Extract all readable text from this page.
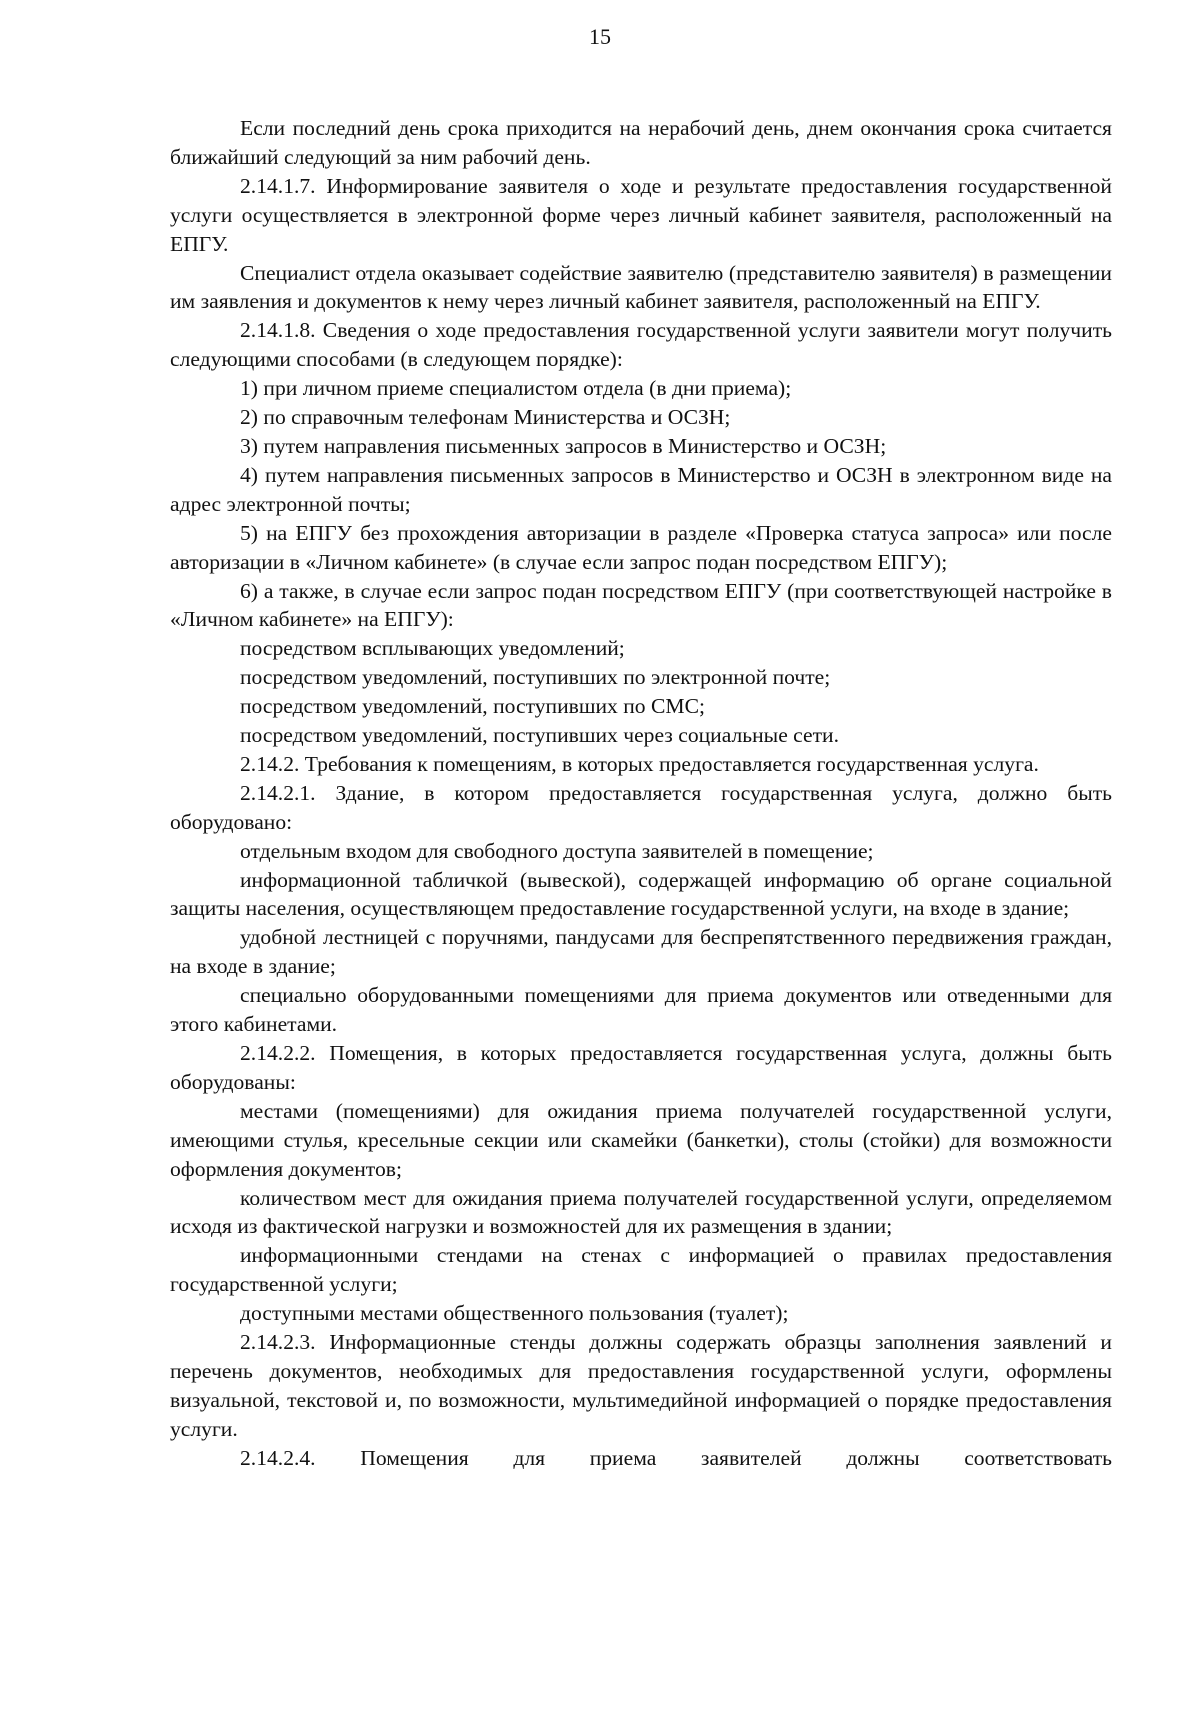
15

Если последний день срока приходится на нерабочий день, днем окончания срока считается ближайший следующий за ним рабочий день.

2.14.1.7. Информирование заявителя о ходе и результате предоставления государственной услуги осуществляется в электронной форме через личный кабинет заявителя, расположенный на ЕПГУ.

Специалист отдела оказывает содействие заявителю (представителю заявителя) в размещении им заявления и документов к нему через личный кабинет заявителя, расположенный на ЕПГУ.

2.14.1.8. Сведения о ходе предоставления государственной услуги заявители могут получить следующими способами (в следующем порядке):

1) при личном приеме специалистом отдела (в дни приема);

2) по справочным телефонам Министерства и ОСЗН;

3) путем направления письменных запросов в Министерство и ОСЗН;

4) путем направления письменных запросов в Министерство и ОСЗН в электронном виде на адрес электронной почты;

5) на ЕПГУ без прохождения авторизации в разделе «Проверка статуса запроса» или после авторизации в «Личном кабинете» (в случае если запрос подан посредством ЕПГУ);

6) а также, в случае если запрос подан посредством ЕПГУ (при соответствующей настройке в «Личном кабинете» на ЕПГУ):

посредством всплывающих уведомлений;

посредством уведомлений, поступивших по электронной почте;

посредством уведомлений, поступивших по СМС;

посредством уведомлений, поступивших через социальные сети.

2.14.2. Требования к помещениям, в которых предоставляется государственная услуга.

2.14.2.1. Здание, в котором предоставляется государственная услуга, должно быть оборудовано:

отдельным входом для свободного доступа заявителей в помещение;

информационной табличкой (вывеской), содержащей информацию об органе социальной защиты населения, осуществляющем предоставление государственной услуги, на входе в здание;

удобной лестницей с поручнями, пандусами для беспрепятственного передвижения граждан, на входе в здание;

специально оборудованными помещениями для приема документов или отведенными для этого кабинетами.

2.14.2.2. Помещения, в которых предоставляется государственная услуга, должны быть оборудованы:

местами (помещениями) для ожидания приема получателей государственной услуги, имеющими стулья, кресельные секции или скамейки (банкетки), столы (стойки) для возможности оформления документов;

количеством мест для ожидания приема получателей государственной услуги, определяемом исходя из фактической нагрузки и возможностей для их размещения в здании;

информационными стендами на стенах с информацией о правилах предоставления государственной услуги;

доступными местами общественного пользования (туалет);

2.14.2.3. Информационные стенды должны содержать образцы заполнения заявлений и перечень документов, необходимых для предоставления государственной услуги, оформлены визуальной, текстовой и, по возможности, мультимедийной информацией о порядке предоставления услуги.

2.14.2.4. Помещения для приема заявителей должны соответствовать
